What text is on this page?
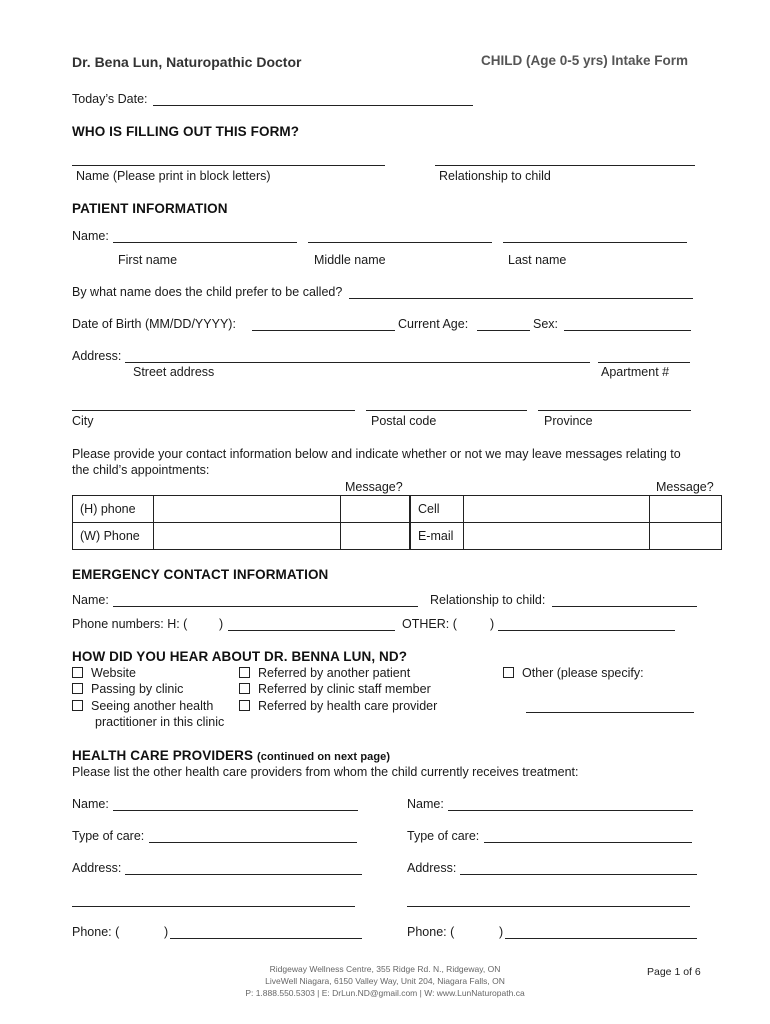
Dr. Bena Lun, Naturopathic Doctor	CHILD (Age 0-5 yrs) Intake Form
Today’s Date:
WHO IS FILLING OUT THIS FORM?
Name (Please print in block letters)	Relationship to child
PATIENT INFORMATION
Name:
First name	Middle name	Last name
By what name does the child prefer to be called?
Date of Birth (MM/DD/YYYY):	Current Age:	Sex:
Address:
Street address	Apartment #
City	Postal code	Province
Please provide your contact information below and indicate whether or not we may leave messages relating to
the child’s appointments:
Message?	Message?
(H) phone			Cell		
(W) Phone			E-mail		
EMERGENCY CONTACT INFORMATION
Name:	Relationship to child:
Phone numbers: H: (	)	OTHER: (	)
HOW DID YOU HEAR ABOUT DR. BENNA LUN, ND?
Website
Passing by clinic
Seeing another health
practitioner in this clinic
Referred by another patient
Referred by clinic staff member
Referred by health care provider
Other (please specify:
HEALTH CARE PROVIDERS (continued on next page)
Please list the other health care providers from whom the child currently receives treatment:
Name:	Name:
Type of care:	Type of care:
Address:	Address:
Phone: (	)	Phone: (	)
Ridgeway Wellness Centre, 355 Ridge Rd. N., Ridgeway, ON
LiveWell Niagara, 6150 Valley Way, Unit 204, Niagara Falls, ON
P: 1.888.550.5303 | E: DrLun.ND@gmail.com | W: www.LunNaturopath.ca
Page 1 of 6
